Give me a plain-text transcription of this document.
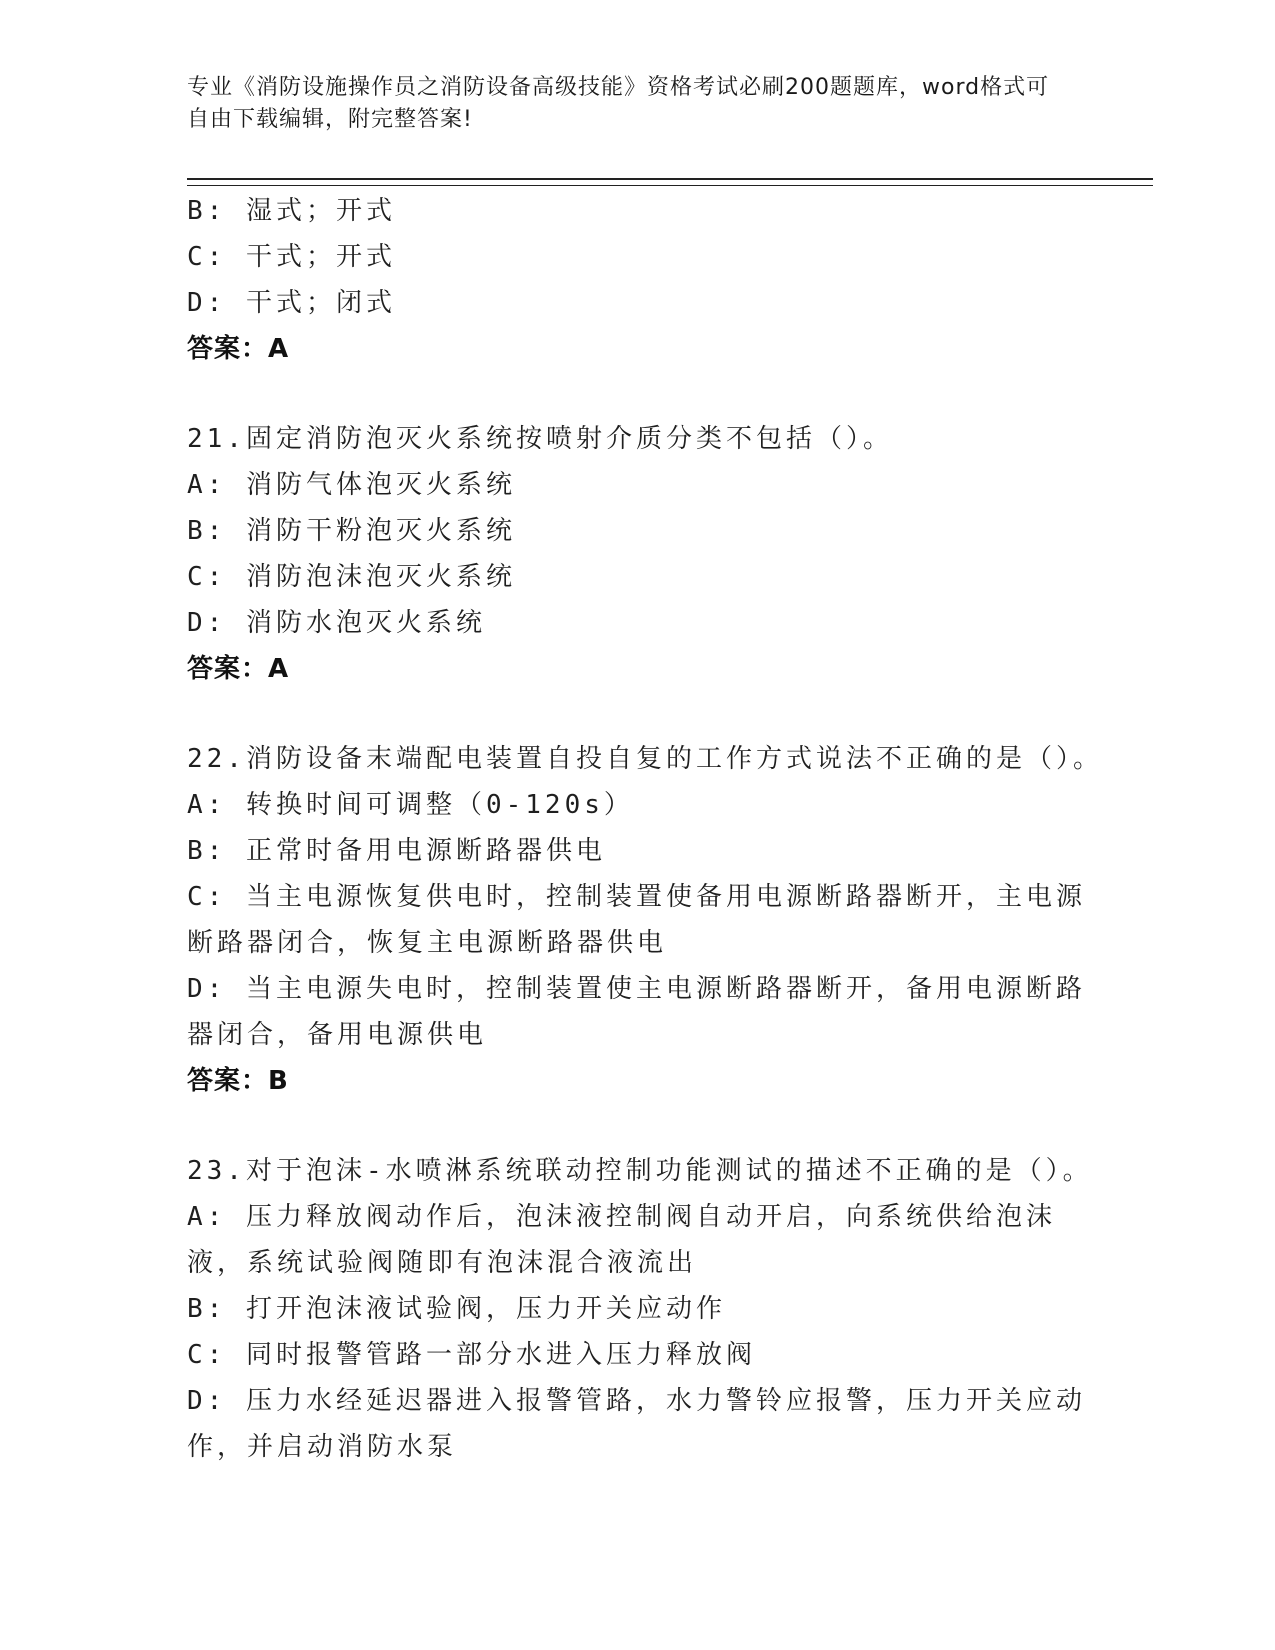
专业《消防设施操作员之消防设备高级技能》资格考试必刷200题题库，word格式可自由下载编辑，附完整答案!
B: 湿式；开式
C: 干式；开式
D: 干式；闭式
答案：A
21.固定消防泡灭火系统按喷射介质分类不包括（）。
A: 消防气体泡灭火系统
B: 消防干粉泡灭火系统
C: 消防泡沫泡灭火系统
D: 消防水泡灭火系统
答案：A
22.消防设备末端配电装置自投自复的工作方式说法不正确的是（）。
A: 转换时间可调整（0-120s）
B: 正常时备用电源断路器供电
C: 当主电源恢复供电时，控制装置使备用电源断路器断开，主电源断路器闭合，恢复主电源断路器供电
D: 当主电源失电时，控制装置使主电源断路器断开，备用电源断路器闭合，备用电源供电
答案：B
23.对于泡沫-水喷淋系统联动控制功能测试的描述不正确的是（）。
A: 压力释放阀动作后，泡沫液控制阀自动开启，向系统供给泡沫液，系统试验阀随即有泡沫混合液流出
B: 打开泡沫液试验阀，压力开关应动作
C: 同时报警管路一部分水进入压力释放阀
D: 压力水经延迟器进入报警管路，水力警铃应报警，压力开关应动作，并启动消防水泵
